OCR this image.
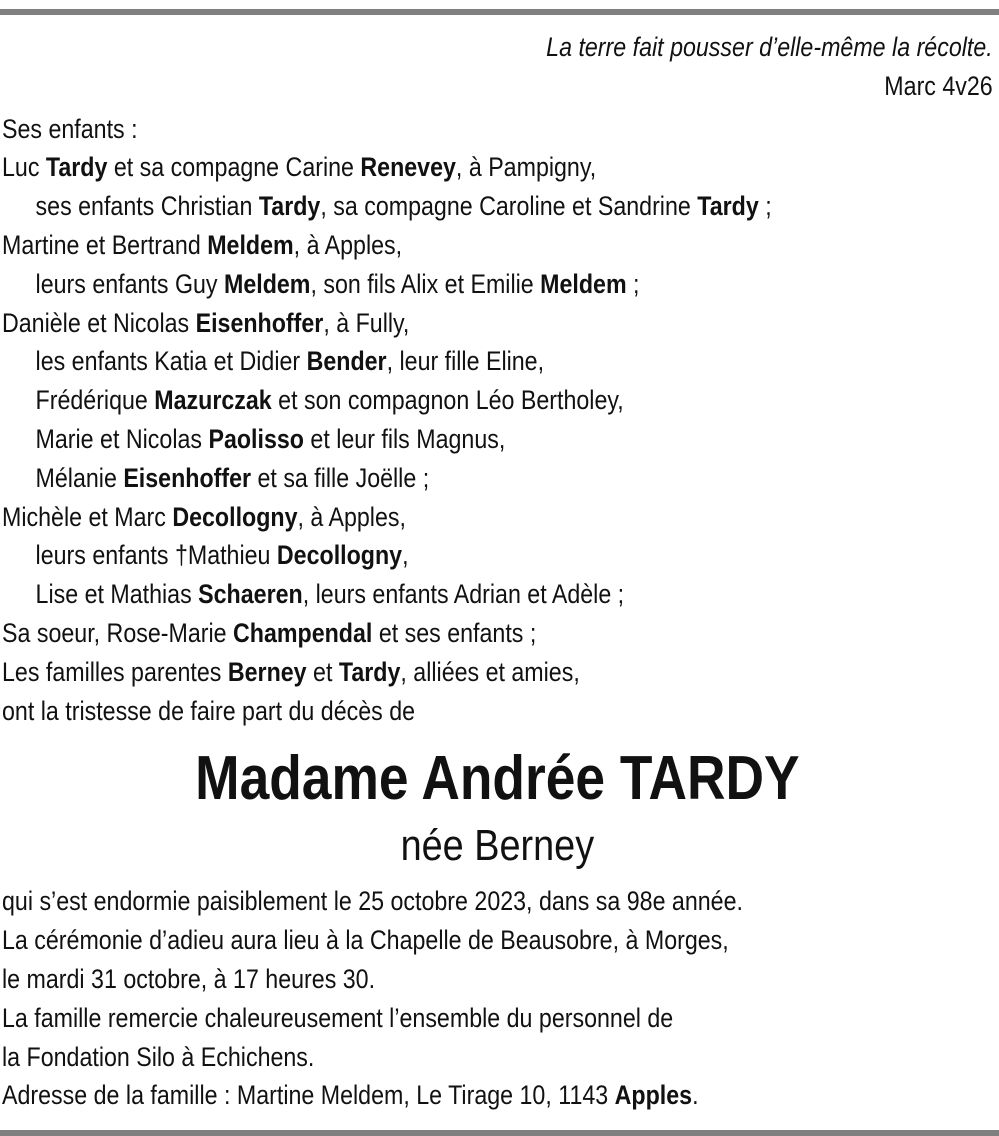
La terre fait pousser d’elle-même la récolte.
Marc 4v26
Ses enfants :
Luc Tardy et sa compagne Carine Renevey, à Pampigny,
ses enfants Christian Tardy, sa compagne Caroline et Sandrine Tardy ;
Martine et Bertrand Meldem, à Apples,
leurs enfants Guy Meldem, son fils Alix et Emilie Meldem ;
Danièle et Nicolas Eisenhoffer, à Fully,
les enfants Katia et Didier Bender, leur fille Eline,
Frédérique Mazurczak et son compagnon Léo Bertholey,
Marie et Nicolas Paolisso et leur fils Magnus,
Mélanie Eisenhoffer et sa fille Joëlle ;
Michèle et Marc Decollogny, à Apples,
leurs enfants †Mathieu Decollogny,
Lise et Mathias Schaeren, leurs enfants Adrian et Adèle ;
Sa soeur, Rose-Marie Champendal et ses enfants ;
Les familles parentes Berney et Tardy, alliées et amies,
ont la tristesse de faire part du décès de
Madame Andrée TARDY
née Berney
qui s’est endormie paisiblement le 25 octobre 2023, dans sa 98e année.
La cérémonie d’adieu aura lieu à la Chapelle de Beausobre, à Morges,
le mardi 31 octobre, à 17 heures 30.
La famille remercie chaleureusement l’ensemble du personnel de
la Fondation Silo à Echichens.
Adresse de la famille : Martine Meldem, Le Tirage 10, 1143 Apples.
